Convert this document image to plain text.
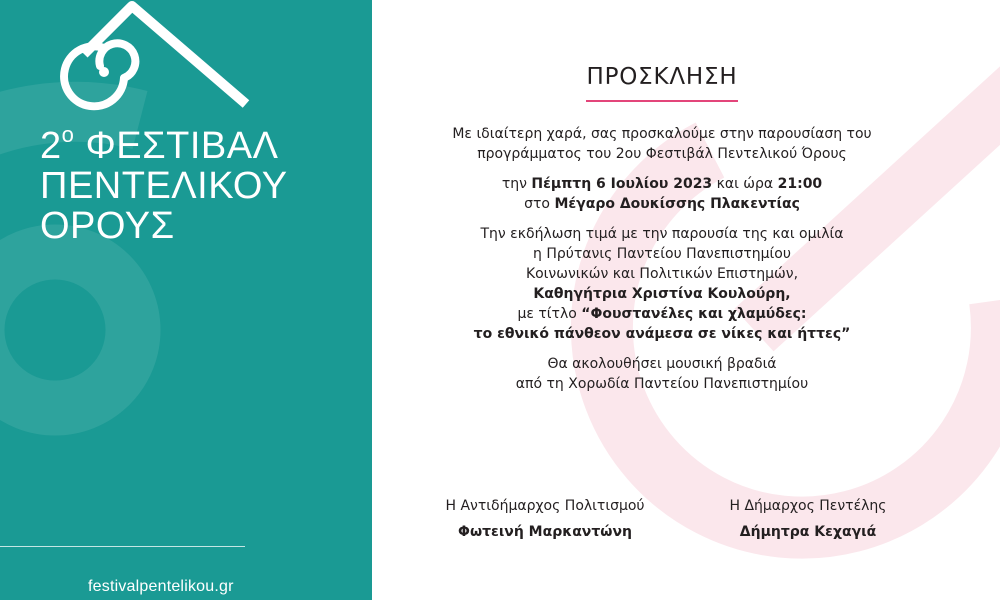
$2^o$ ΦΕΣΤΙΒΑΛ
ΠΕΝΤΕΛΙΚΟΥ
ΟΡΟΥΣ
festivalpentelikou.gr
ΠΡΟΣΚΛΗΣΗ

Με ιδιαίτερη χαρά, σας προσκαλούμε στην παρουσίαση του
προγράμματος του 2ου Φεστιβάλ Πεντελικού Όρους

την Πέμπτη 6 Ιουλίου 2023 και ώρα 21:00
στο Μέγαρο Δουκίσσης Πλακεντίας

Την εκδήλωση τιμά με την παρουσία της και ομιλία
η Πρύτανις Παντείου Πανεπιστημίου
Κοινωνικών και Πολιτικών Επιστημών,
Καθηγήτρια Χριστίνα Κουλούρη,
με τίτλο “Φουστανέλες και χλαμύδες:
το εθνικό πάνθεον ανάμεσα σε νίκες και ήττες”

Θα ακολουθήσει μουσική βραδιά
από τη Χορωδία Παντείου Πανεπιστημίου

Η Αντιδήμαρχος Πολιτισμού
Φωτεινή Μαρκαντώνη
Η Δήμαρχος Πεντέλης
Δήμητρα Κεχαγιά
